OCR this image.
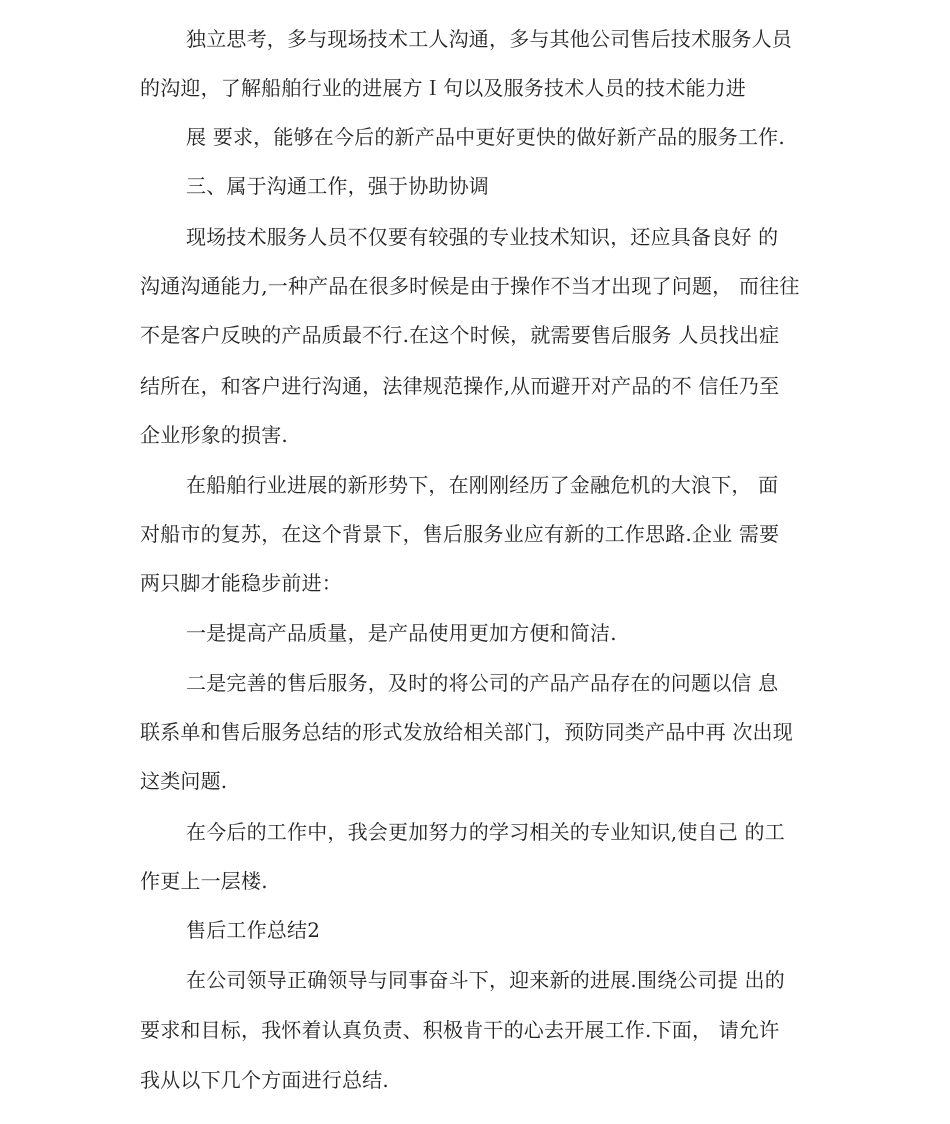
独立思考，多与现场技术工人沟通，多与其他公司售后技术服务人员
的沟迎，了解船舶行业的进展方Ｉ句以及服务技术人员的技术能力进
展 要求，能够在今后的新产品中更好更快的做好新产品的服务工作.
三、属于沟通工作，强于协助协调
现场技术服务人员不仅要有较强的专业技术知识，还应具备良好 的
沟通沟通能力,一种产品在很多时候是由于操作不当才出现了问题， 而往往
不是客户反映的产品质最不行.在这个时候，就需要售后服务 人员找出症
结所在，和客户进行沟通，法律规范操作,从而避开对产品的不 信任乃至
企业形象的损害.
在船舶行业进展的新形势下，在刚刚经历了金融危机的大浪下， 面
对船市的复苏，在这个背景下，售后服务业应有新的工作思路.企业 需要
两只脚才能稳步前进：
一是提高产品质量，是产品使用更加方便和简洁.
二是完善的售后服务，及时的将公司的产品产品存在的问题以信 息
联系单和售后服务总结的形式发放给相关部门，预防同类产品中再 次出现
这类问题.
在今后的工作中，我会更加努力的学习相关的专业知识,使自己 的工
作更上一层楼.
售后工作总结2
在公司领导正确领导与同事奋斗下，迎来新的进展.围绕公司提 出的
要求和目标，我怀着认真负责、积极肯干的心去开展工作.下面， 请允许
我从以下几个方面进行总结.
